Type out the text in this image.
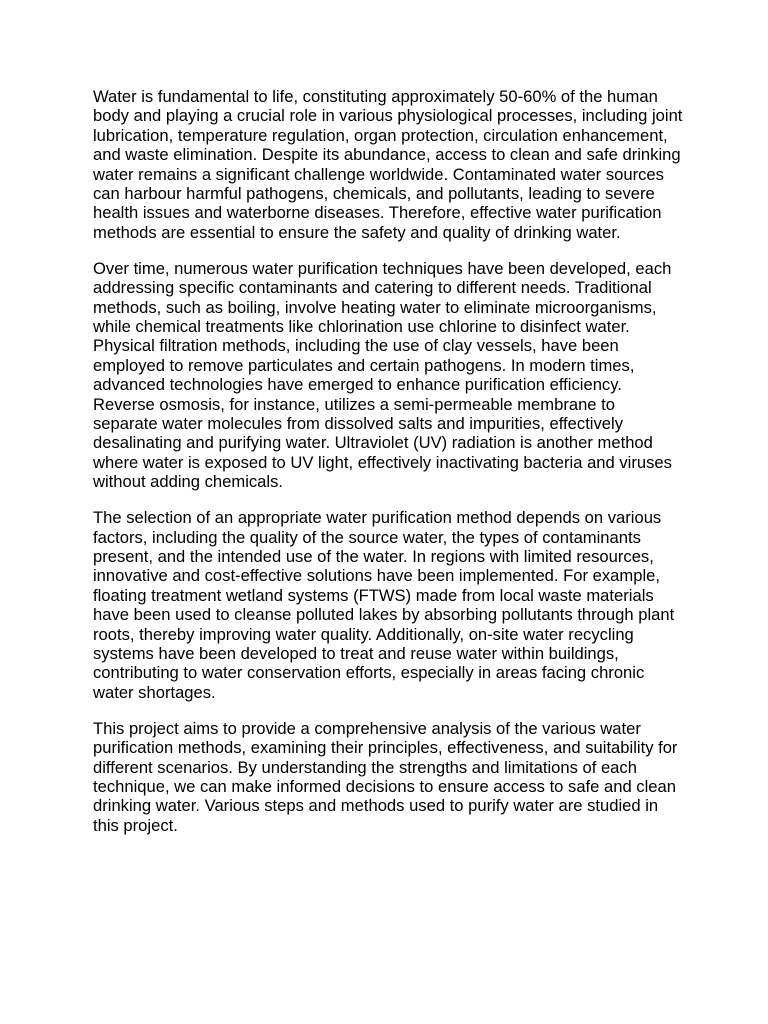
Water is fundamental to life, constituting approximately 50-60% of the human body and playing a crucial role in various physiological processes, including joint lubrication, temperature regulation, organ protection, circulation enhancement, and waste elimination. Despite its abundance, access to clean and safe drinking water remains a significant challenge worldwide. Contaminated water sources can harbour harmful pathogens, chemicals, and pollutants, leading to severe health issues and waterborne diseases. Therefore, effective water purification methods are essential to ensure the safety and quality of drinking water.

Over time, numerous water purification techniques have been developed, each addressing specific contaminants and catering to different needs. Traditional methods, such as boiling, involve heating water to eliminate microorganisms, while chemical treatments like chlorination use chlorine to disinfect water. Physical filtration methods, including the use of clay vessels, have been employed to remove particulates and certain pathogens. In modern times, advanced technologies have emerged to enhance purification efficiency. Reverse osmosis, for instance, utilizes a semi-permeable membrane to separate water molecules from dissolved salts and impurities, effectively desalinating and purifying water. Ultraviolet (UV) radiation is another method where water is exposed to UV light, effectively inactivating bacteria and viruses without adding chemicals.

The selection of an appropriate water purification method depends on various factors, including the quality of the source water, the types of contaminants present, and the intended use of the water. In regions with limited resources, innovative and cost-effective solutions have been implemented. For example, floating treatment wetland systems (FTWS) made from local waste materials have been used to cleanse polluted lakes by absorbing pollutants through plant roots, thereby improving water quality. Additionally, on-site water recycling systems have been developed to treat and reuse water within buildings, contributing to water conservation efforts, especially in areas facing chronic water shortages.

This project aims to provide a comprehensive analysis of the various water purification methods, examining their principles, effectiveness, and suitability for different scenarios. By understanding the strengths and limitations of each technique, we can make informed decisions to ensure access to safe and clean drinking water. Various steps and methods used to purify water are studied in this project.
